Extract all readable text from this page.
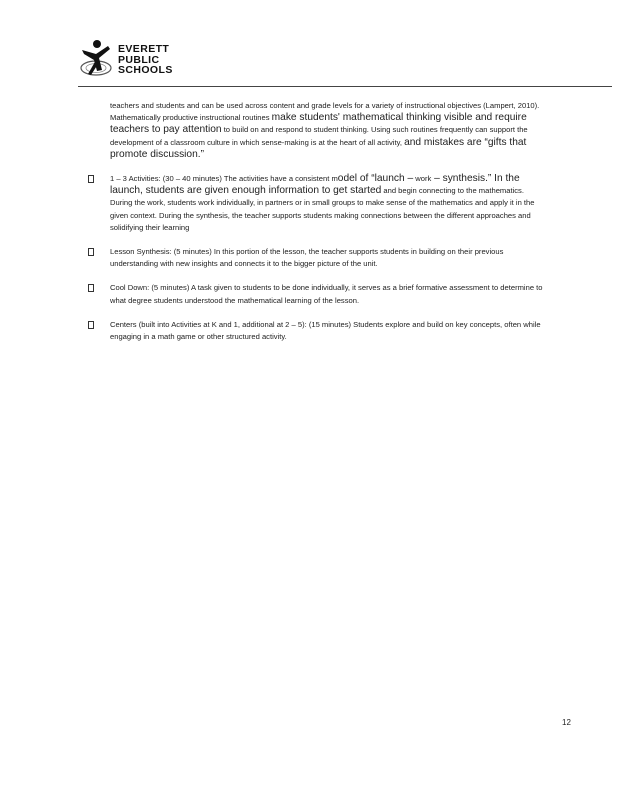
EVERETT
PUBLIC
SCHOOLS

teachers and students and can be used across content and grade levels for a variety of instructional objectives (Lampert, 2010). Mathematically productive instructional routines make students' mathematical thinking visible and require teachers to pay attention to build on and respond to student thinking. Using such routines frequently can support the development of a classroom culture in which sense-making is at the heart of all activity, and mistakes are “gifts that promote discussion.”

1 – 3 Activities: (30 – 40 minutes) The activities have a consistent model of “launch – work – synthesis.” In the launch, students are given enough information to get started and begin connecting to the mathematics. During the work, students work individually, in partners or in small groups to make sense of the mathematics and apply it in the given context. During the synthesis, the teacher supports students making connections between the different approaches and solidifying their learning

Lesson Synthesis: (5 minutes) In this portion of the lesson, the teacher supports students in building on their previous understanding with new insights and connects it to the bigger picture of the unit.

Cool Down: (5 minutes) A task given to students to be done individually, it serves as a brief formative assessment to determine to what degree students understood the mathematical learning of the lesson.

Centers (built into Activities at K and 1, additional at 2 – 5): (15 minutes) Students explore and build on key concepts, often while engaging in a math game or other structured activity.

12
